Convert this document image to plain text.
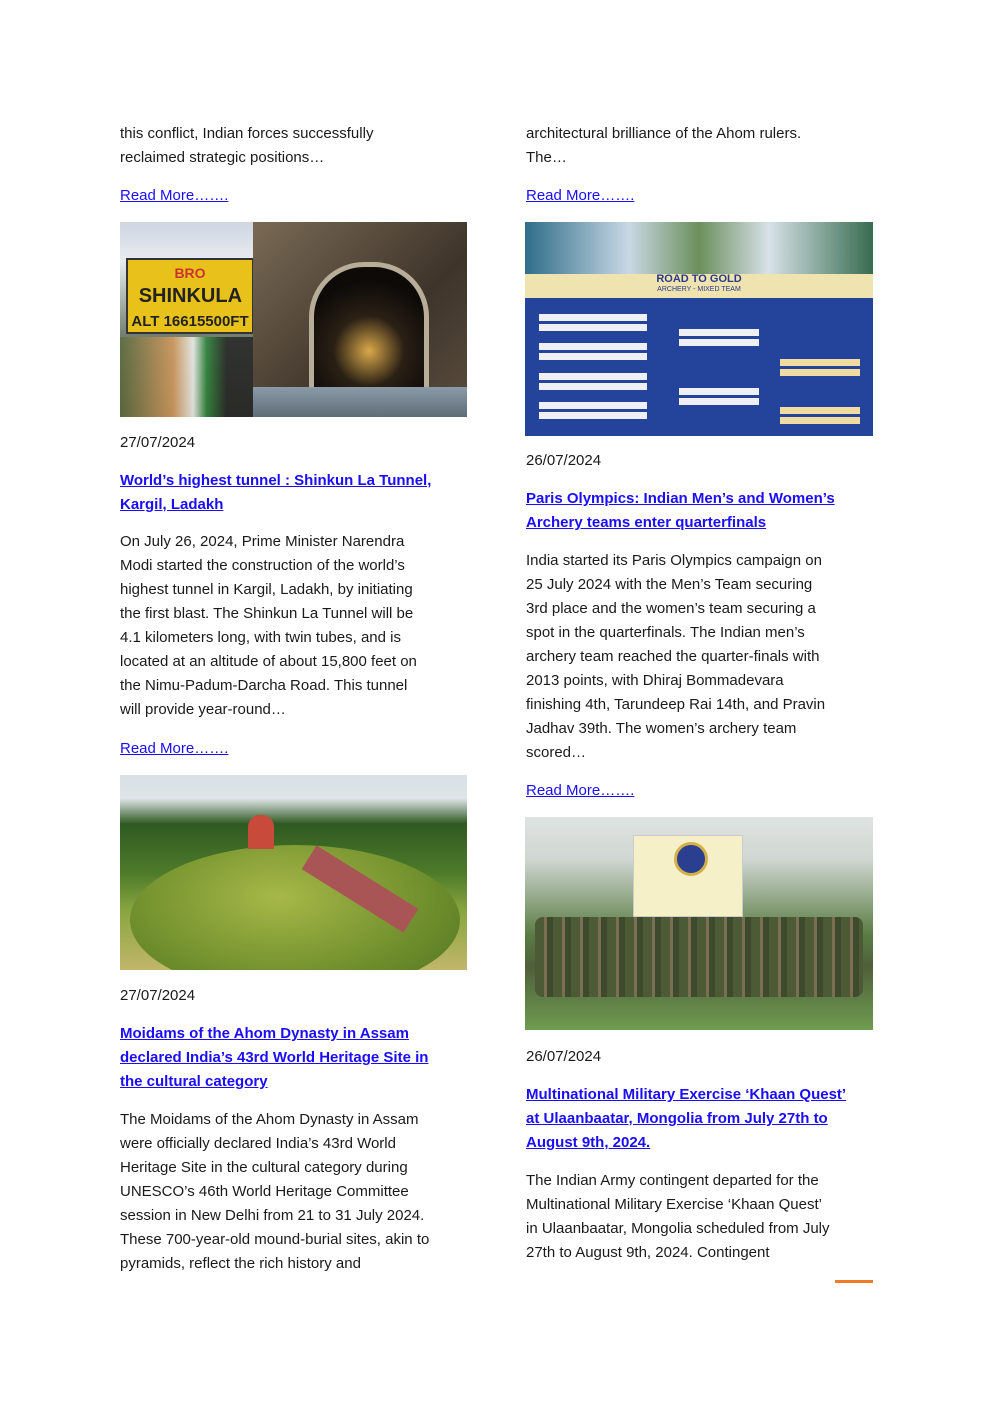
this conflict, Indian forces successfully
reclaimed strategic positions…
Read More…….
BRO SHINKULA ALT 16615500FT
27/07/2024
World’s highest tunnel : Shinkun La Tunnel,
Kargil, Ladakh
On July 26, 2024, Prime Minister Narendra
Modi started the construction of the world’s
highest tunnel in Kargil, Ladakh, by initiating
the first blast. The Shinkun La Tunnel will be
4.1 kilometers long, with twin tubes, and is
located at an altitude of about 15,800 feet on
the Nimu-Padum-Darcha Road. This tunnel
will provide year-round…
Read More…….
27/07/2024
Moidams of the Ahom Dynasty in Assam
declared India’s 43rd World Heritage Site in
the cultural category
The Moidams of the Ahom Dynasty in Assam
were officially declared India’s 43rd World
Heritage Site in the cultural category during
UNESCO’s 46th World Heritage Committee
session in New Delhi from 21 to 31 July 2024.
These 700-year-old mound-burial sites, akin to
pyramids, reflect the rich history and
architectural brilliance of the Ahom rulers.
The…
Read More…….
ROAD TO GOLD
ARCHERY - MIXED TEAM
26/07/2024
Paris Olympics: Indian Men’s and Women’s
Archery teams enter quarterfinals
India started its Paris Olympics campaign on
25 July 2024 with the Men’s Team securing
3rd place and the women’s team securing a
spot in the quarterfinals. The Indian men’s
archery team reached the quarter-finals with
2013 points, with Dhiraj Bommadevara
finishing 4th, Tarundeep Rai 14th, and Pravin
Jadhav 39th. The women’s archery team
scored…
Read More…….
26/07/2024
Multinational Military Exercise ‘Khaan Quest’
at Ulaanbaatar, Mongolia from July 27th to
August 9th, 2024.
The Indian Army contingent departed for the
Multinational Military Exercise ‘Khaan Quest’
in Ulaanbaatar, Mongolia scheduled from July
27th to August 9th, 2024. Contingent
